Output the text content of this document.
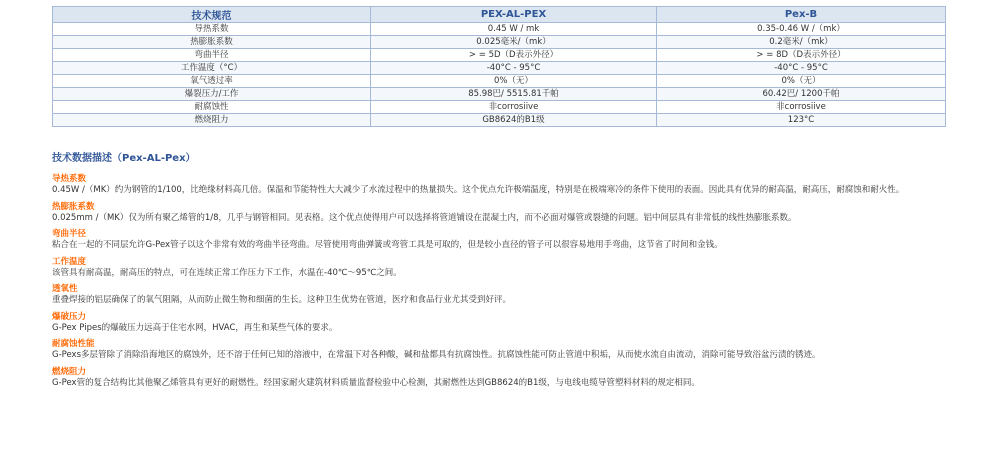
技术规范	PEX-AL-PEX	Pex-B
导热系数	0.45 W / mk	0.35-0.46 W /（mk）
热膨胀系数	0.025毫米/（mk）	0.2毫米/（mk）
弯曲半径	> = 5D（D表示外径）	> = 8D（D表示外径）
工作温度（°C）	-40°C - 95°C	-40°C - 95°C
氧气透过率	0%（无）	0%（无）
爆裂压力/工作	85.98巴/ 5515.81千帕	60.42巴/ 1200千帕
耐腐蚀性	非corrosiive	非corrosiive
燃烧阻力	GB8624的B1级	123°C
技术数据描述（Pex-AL-Pex）
导热系数
0.45W /（MK）约为钢管的1/100，比绝缘材料高几倍。保温和节能特性大大减少了水流过程中的热量损失。这个优点允许极端温度，特别是在极端寒冷的条件下使用的表面。因此具有优异的耐高温，耐高压，耐腐蚀和耐火性。
热膨胀系数
0.025mm /（MK）仅为所有聚乙烯管的1/8，几乎与钢管相同。见表格。这个优点使得用户可以选择将管道铺设在混凝土内，而不必面对爆管或裂缝的问题。铝中间层具有非常低的线性热膨胀系数。
弯曲半径
粘合在一起的不同层允许G-Pex管子以这个非常有效的弯曲半径弯曲。尽管使用弯曲弹簧或弯管工具是可取的，但是较小直径的管子可以很容易地用手弯曲，这节省了时间和金钱。
工作温度
该管具有耐高温，耐高压的特点，可在连续正常工作压力下工作，水温在-40℃〜95℃之间。
透氧性
重叠焊接的铝层确保了的氧气阻隔，从而防止微生物和细菌的生长。这种卫生优势在管道，医疗和食品行业尤其受到好评。
爆破压力
G-Pex Pipes的爆破压力远高于住宅水网，HVAC，再生和某些气体的要求。
耐腐蚀性能
G-Pexs多层管除了消除沿海地区的腐蚀外，还不溶于任何已知的溶液中，在常温下对各种酸，碱和盐都具有抗腐蚀性。抗腐蚀性能可防止管道中积垢，从而使水流自由流动，消除可能导致浴盆污渍的锈迹。
燃烧阻力
G-Pex管的复合结构比其他聚乙烯管具有更好的耐燃性。经国家耐火建筑材料质量监督检验中心检测，其耐燃性达到GB8624的B1级，与电线电缆导管塑料材料的规定相同。
